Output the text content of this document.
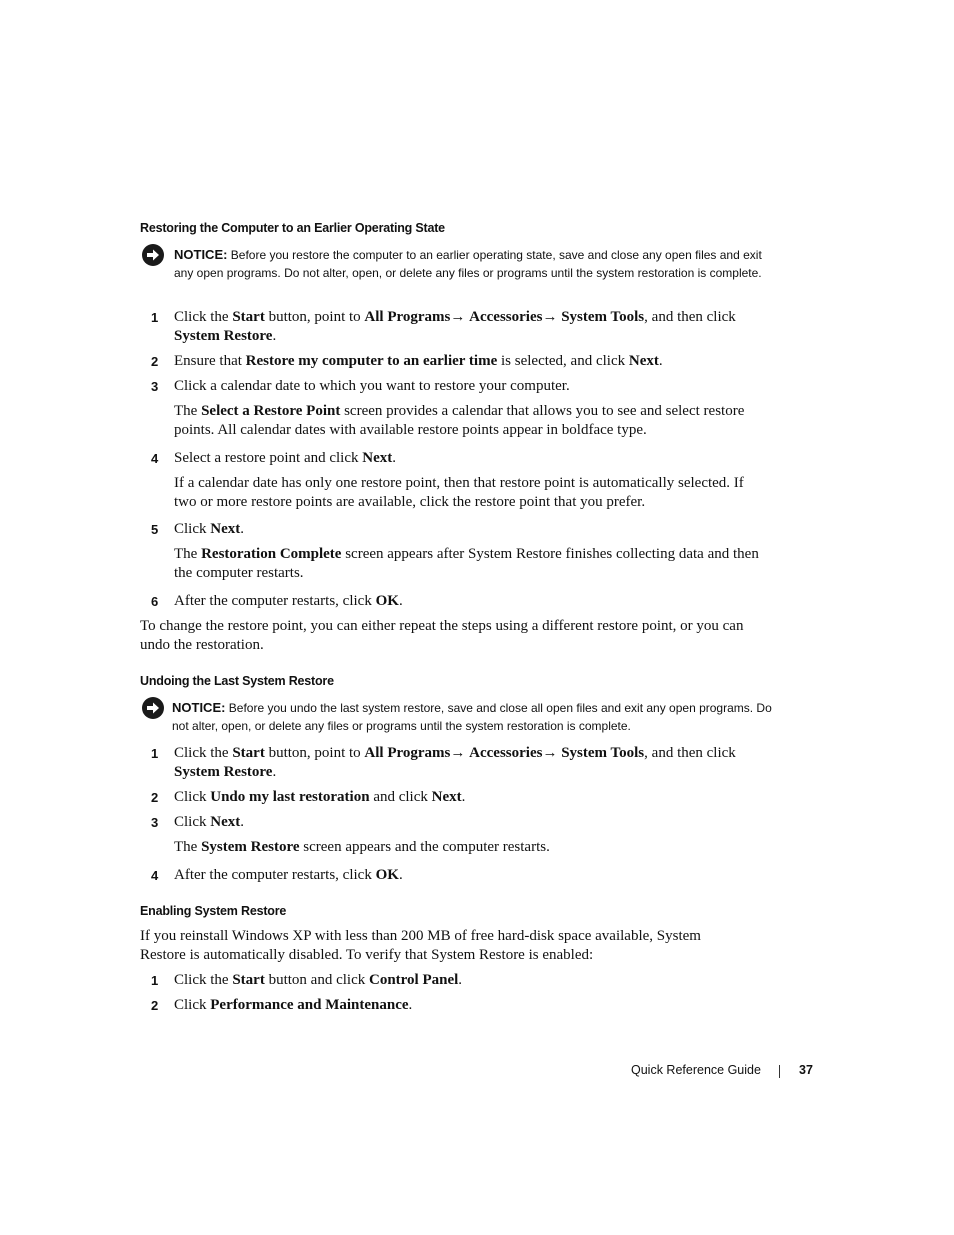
Restoring the Computer to an Earlier Operating State
NOTICE: Before you restore the computer to an earlier operating state, save and close any open files and exit any open programs. Do not alter, open, or delete any files or programs until the system restoration is complete.
1	Click the Start button, point to All Programs→ Accessories→ System Tools, and then click System Restore.
2	Ensure that Restore my computer to an earlier time is selected, and click Next.
3	Click a calendar date to which you want to restore your computer.
The Select a Restore Point screen provides a calendar that allows you to see and select restore points. All calendar dates with available restore points appear in boldface type.
4	Select a restore point and click Next.
If a calendar date has only one restore point, then that restore point is automatically selected. If two or more restore points are available, click the restore point that you prefer.
5	Click Next.
The Restoration Complete screen appears after System Restore finishes collecting data and then the computer restarts.
6	After the computer restarts, click OK.
To change the restore point, you can either repeat the steps using a different restore point, or you can undo the restoration.
Undoing the Last System Restore
NOTICE: Before you undo the last system restore, save and close all open files and exit any open programs. Do not alter, open, or delete any files or programs until the system restoration is complete.
1	Click the Start button, point to All Programs→ Accessories→ System Tools, and then click System Restore.
2	Click Undo my last restoration and click Next.
3	Click Next.
The System Restore screen appears and the computer restarts.
4	After the computer restarts, click OK.
Enabling System Restore
If you reinstall Windows XP with less than 200 MB of free hard-disk space available, System Restore is automatically disabled. To verify that System Restore is enabled:
1	Click the Start button and click Control Panel.
2	Click Performance and Maintenance.
Quick Reference Guide	37
